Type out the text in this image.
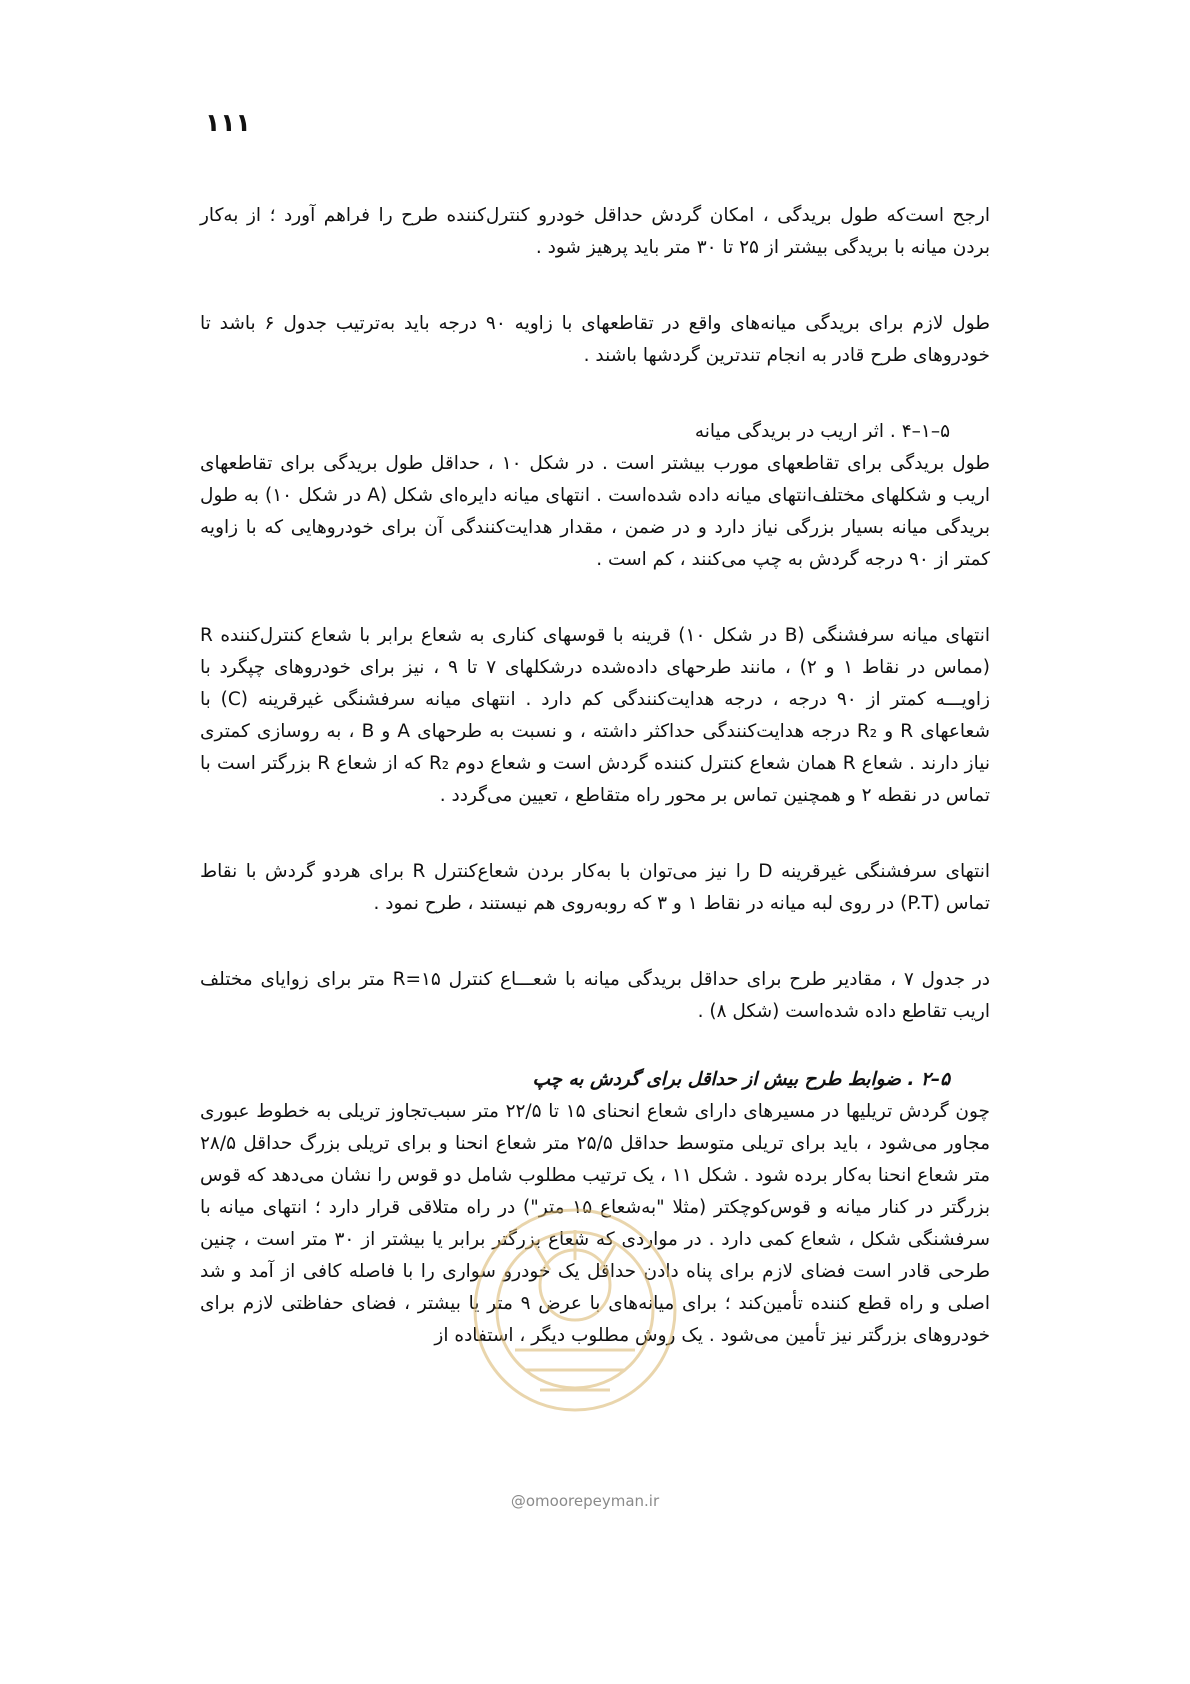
۱۱۱

ارجح است‌که طول بریدگی ، امکان گردش حداقل خودرو کنترل‌کننده طرح را فراهم آورد ؛ از به‌کار بردن میانه با بریدگی بیشتر از ۲۵ تا ۳۰ متر باید پرهیز شود .

طول لازم برای بریدگی میانه‌های واقع در تقاطعهای با زاویه ۹۰ درجه باید به‌ترتیب جدول ۶ باشد تا خودروهای طرح قادر به انجام تندترین گردشها باشند .

۵–۱–۴ . اثر اریب در بریدگی میانه

طول بریدگی برای تقاطعهای مورب بیشتر است . در شکل ۱۰ ، حداقل طول بریدگی برای تقاطعهای اریب و شکلهای مختلف‌انتهای میانه داده شده‌است . انتهای میانه دایره‌ای شکل (A در شکل ۱۰) به طول بریدگی میانه بسیار بزرگی نیاز دارد و در ضمن ، مقدار هدایت‌کنندگی آن برای خودروهایی که با زاویه کمتر از ۹۰ درجه گردش به چپ می‌کنند ، کم است .

انتهای میانه سرفشنگی (B در شکل ۱۰) قرینه با قوسهای کناری به شعاع برابر با شعاع کنترل‌کننده R (مماس در نقاط ۱ و ۲) ، مانند طرحهای داده‌شده درشکلهای ۷ تا ۹ ، نیز برای خودروهای چپگرد با زاویـــه کمتر از ۹۰ درجه ، درجه هدایت‌کنندگی کم دارد . انتهای میانه سرفشنگی غیرقرینه (C) با شعاعهای R و R₂ درجه هدایت‌کنندگی حداکثر داشته ، و نسبت به طرحهای A و B ، به روسازی کمتری نیاز دارند . شعاع R همان شعاع کنترل کننده گردش است و شعاع دوم R₂ که از شعاع R بزرگتر است با تماس در نقطه ۲ و همچنین تماس بر محور راه متقاطع ، تعیین می‌گردد .

انتهای سرفشنگی غیرقرینه D را نیز می‌توان با به‌کار بردن شعاع‌کنترل R برای هردو گردش با نقاط تماس (P.T) در روی لبه میانه در نقاط ۱ و ۳ که روبه‌روی هم نیستند ، طرح نمود .

در جدول ۷ ، مقادیر طرح برای حداقل بریدگی میانه با شعـــاع کنترل R=۱۵ متر برای زوایای مختلف اریب تقاطع داده شده‌است (شکل ۸) .

۵–۲ . ضوابط طرح بیش از حداقل برای گردش به چپ

چون گردش تریلیها در مسیرهای دارای شعاع انحنای ۱۵ تا ۲۲/۵ متر سبب‌تجاوز تریلی به خطوط عبوری مجاور می‌شود ، باید برای تریلی متوسط حداقل ۲۵/۵ متر شعاع انحنا و برای تریلی بزرگ حداقل ۲۸/۵ متر شعاع انحنا به‌کار برده شود . شکل ۱۱ ، یک ترتیب مطلوب شامل دو قوس را نشان می‌دهد که قوس بزرگتر در کنار میانه و قوس‌کوچکتر (مثلا "به‌شعاع ۱۵ متر") در راه متلاقی قرار دارد ؛ انتهای میانه با سرفشنگی شکل ، شعاع کمی دارد . در مواردی که شعاع بزرگتر برابر یا بیشتر از ۳۰ متر است ، چنین طرحی قادر است فضای لازم برای پناه دادن حداقل یک خودرو سواری را با فاصله کافی از آمد و شد اصلی و راه قطع کننده تأمین‌کند ؛ برای میانه‌های با عرض ۹ متر یا بیشتر ، فضای حفاظتی لازم برای خودروهای بزرگتر نیز تأمین می‌شود . یک روش مطلوب دیگر ، استفاده از

@omoorepeyman.ir
